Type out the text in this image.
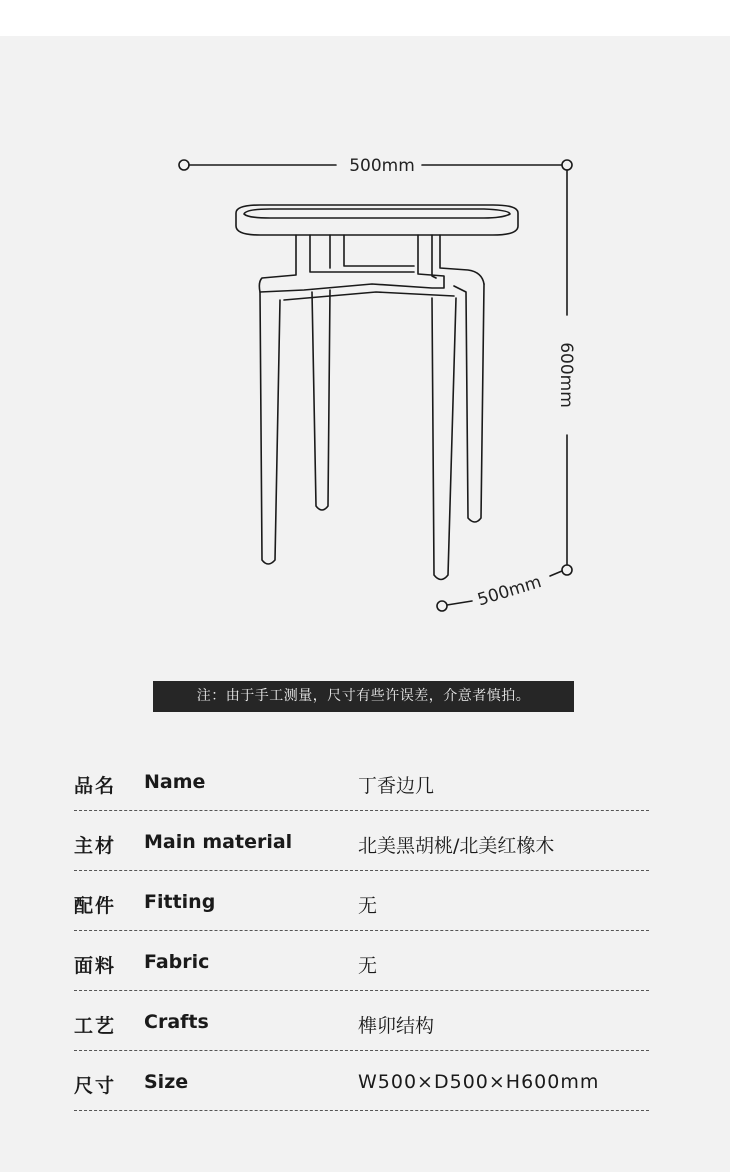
500mm
600mm
500mm
注：由于手工测量，尺寸有些许误差，介意者慎拍。
品名 Name	丁香边几
主材 Main material	北美黑胡桃/北美红橡木
配件 Fitting	无
面料 Fabric	无
工艺 Crafts	榫卯结构
尺寸 Size	W500×D500×H600mm
